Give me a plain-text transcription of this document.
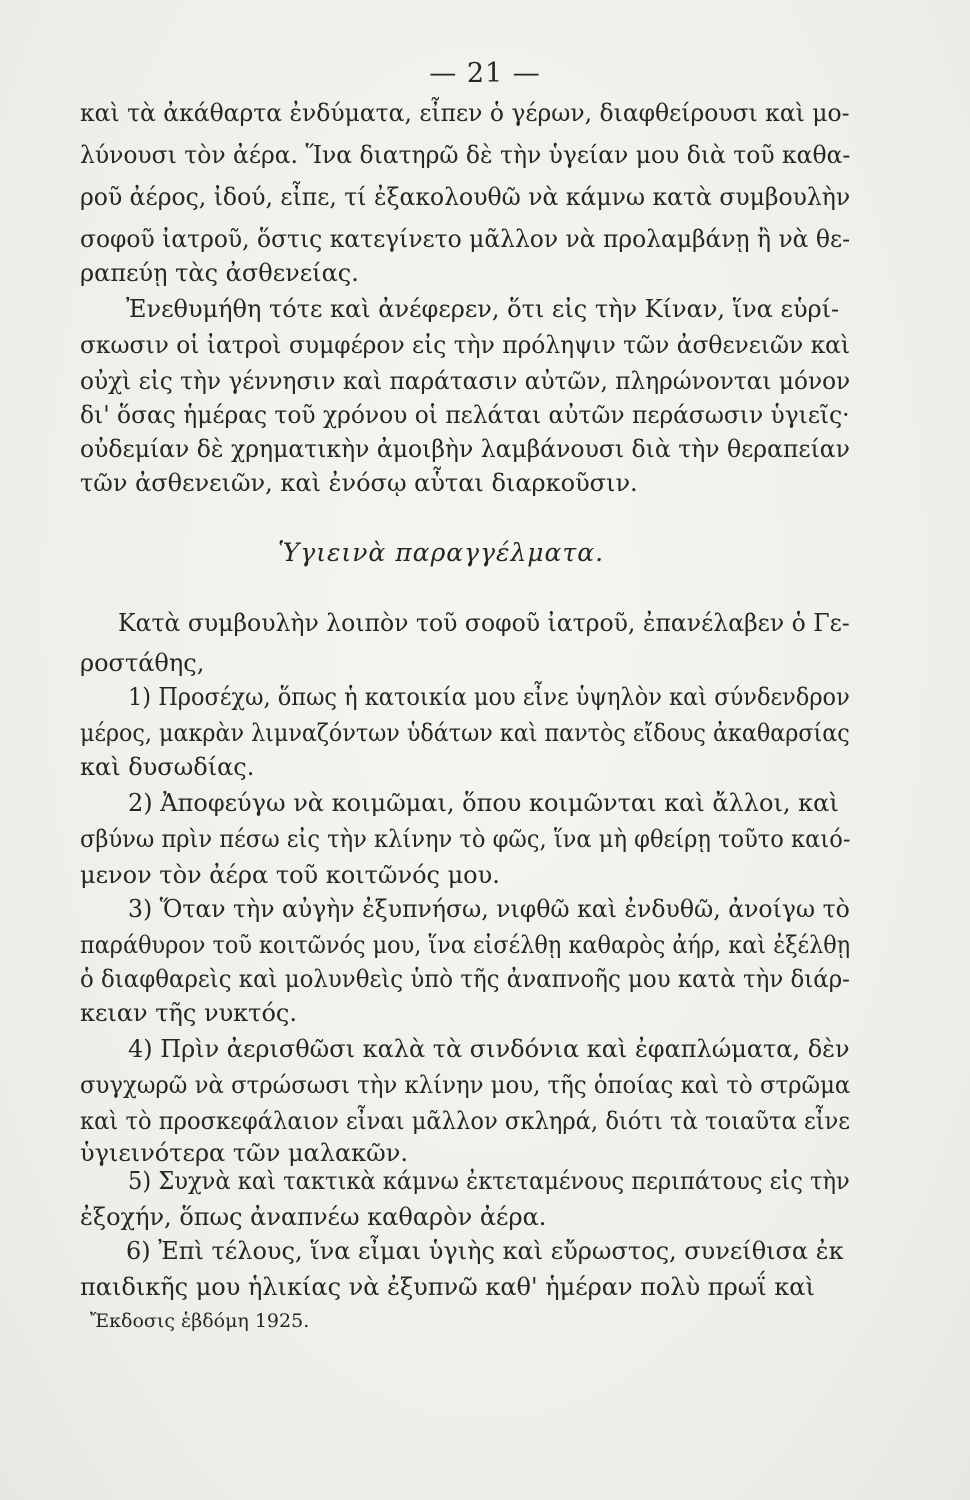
— 21 —
καὶ τὰ ἀκάθαρτα ἐνδύματα, εἶπεν ὁ γέρων, διαφθείρουσι καὶ μο-
λύνουσι τὸν ἀέρα. Ἵνα διατηρῶ δὲ τὴν ὑγείαν μου διὰ τοῦ καθα-
ροῦ ἀέρος, ἰδού, εἶπε, τί ἐξακολουθῶ νὰ κάμνω κατὰ συμβουλὴν
σοφοῦ ἰατροῦ, ὅστις κατεγίνετο μᾶλλον νὰ προλαμβάνῃ ἢ νὰ θε-
ραπεύῃ τὰς ἀσθενείας.
Ἐνεθυμήθη τότε καὶ ἀνέφερεν, ὅτι εἰς τὴν Κίναν, ἵνα εὑρί-
σκωσιν οἱ ἰατροὶ συμφέρον εἰς τὴν πρόληψιν τῶν ἀσθενειῶν καὶ
οὐχὶ εἰς τὴν γέννησιν καὶ παράτασιν αὐτῶν, πληρώνονται μόνον
δι' ὅσας ἡμέρας τοῦ χρόνου οἱ πελάται αὐτῶν περάσωσιν ὑγιεῖς·
οὐδεμίαν δὲ χρηματικὴν ἀμοιβὴν λαμβάνουσι διὰ τὴν θεραπείαν
τῶν ἀσθενειῶν, καὶ ἐνόσῳ αὗται διαρκοῦσιν.
Ὑγιεινὰ παραγγέλματα.
Κατὰ συμβουλὴν λοιπὸν τοῦ σοφοῦ ἰατροῦ, ἐπανέλαβεν ὁ Γε-
ροστάθης,
1) Προσέχω, ὅπως ἡ κατοικία μου εἶνε ὑψηλὸν καὶ σύνδενδρον
μέρος, μακρὰν λιμναζόντων ὑδάτων καὶ παντὸς εἴδους ἀκαθαρσίας
καὶ δυσωδίας.
2) Ἀποφεύγω νὰ κοιμῶμαι, ὅπου κοιμῶνται καὶ ἄλλοι, καὶ
σβύνω πρὶν πέσω εἰς τὴν κλίνην τὸ φῶς, ἵνα μὴ φθείρῃ τοῦτο καιό-
μενον τὸν ἀέρα τοῦ κοιτῶνός μου.
3) Ὅταν τὴν αὐγὴν ἐξυπνήσω, νιφθῶ καὶ ἐνδυθῶ, ἀνοίγω τὸ
παράθυρον τοῦ κοιτῶνός μου, ἵνα εἰσέλθῃ καθαρὸς ἀήρ, καὶ ἐξέλθῃ
ὁ διαφθαρεὶς καὶ μολυνθεὶς ὑπὸ τῆς ἀναπνοῆς μου κατὰ τὴν διάρ-
κειαν τῆς νυκτός.
4) Πρὶν ἀερισθῶσι καλὰ τὰ σινδόνια καὶ ἐφαπλώματα, δὲν
συγχωρῶ νὰ στρώσωσι τὴν κλίνην μου, τῆς ὁποίας καὶ τὸ στρῶμα
καὶ τὸ προσκεφάλαιον εἶναι μᾶλλον σκληρά, διότι τὰ τοιαῦτα εἶνε
ὑγιεινότερα τῶν μαλακῶν.
5) Συχνὰ καὶ τακτικὰ κάμνω ἐκτεταμένους περιπάτους εἰς τὴν
ἐξοχήν, ὅπως ἀναπνέω καθαρὸν ἀέρα.
6) Ἐπὶ τέλους, ἵνα εἶμαι ὑγιὴς καὶ εὔρωστος, συνείθισα ἐκ
παιδικῆς μου ἡλικίας νὰ ἐξυπνῶ καθ' ἡμέραν πολὺ πρωΐ καὶ
Ἔκδοσις ἑβδόμη 1925.
